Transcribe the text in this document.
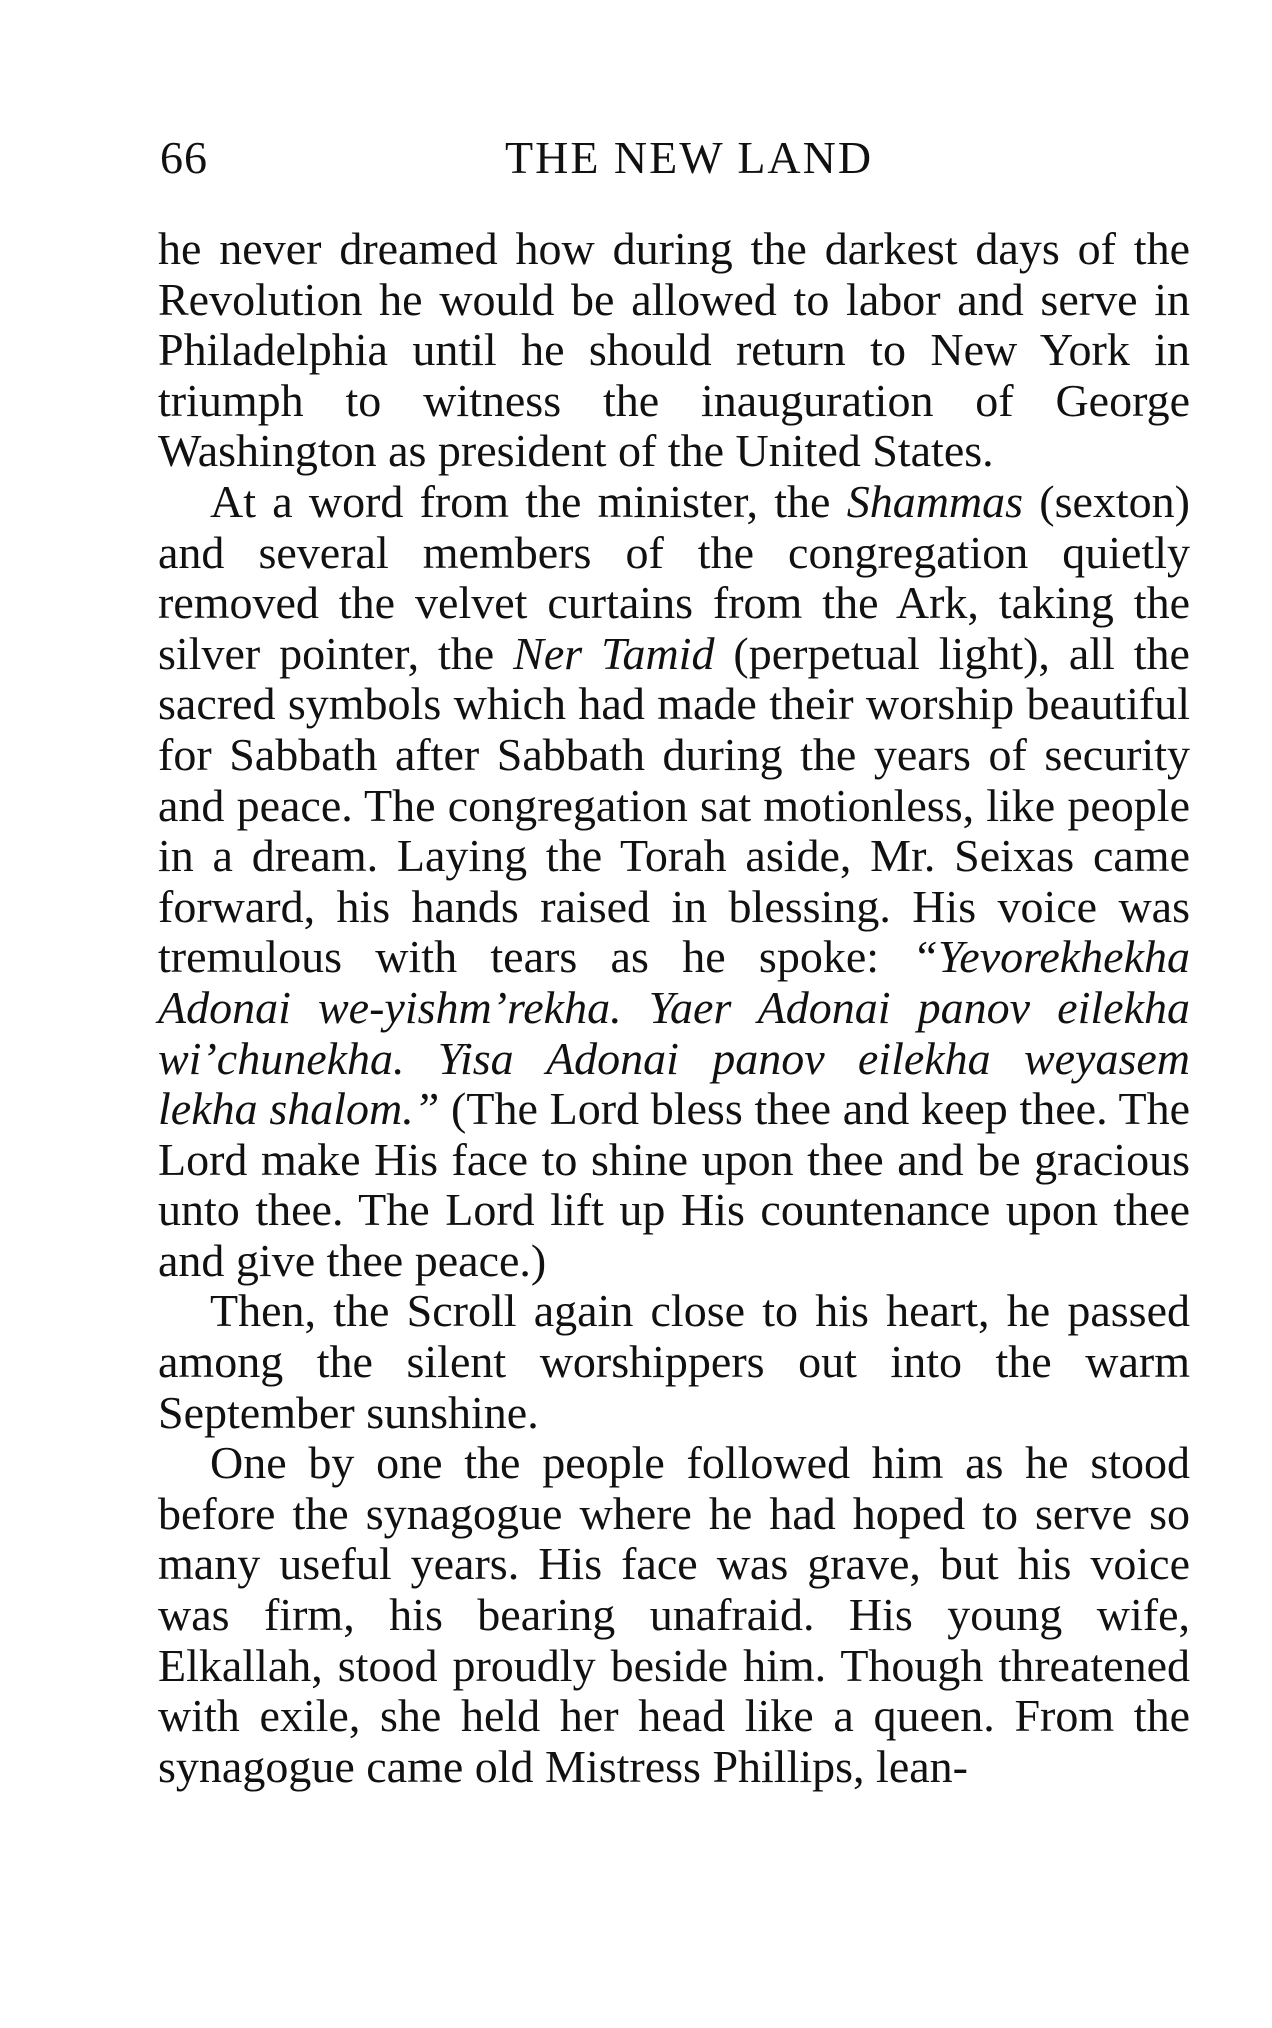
66	THE NEW LAND

he never dreamed how during the darkest days of the Revolution he would be allowed to labor and serve in Philadelphia until he should return to New York in triumph to witness the inauguration of George Washington as president of the United States.

At a word from the minister, the Shammas (sexton) and several members of the congregation quietly removed the velvet curtains from the Ark, taking the silver pointer, the Ner Tamid (perpetual light), all the sacred symbols which had made their worship beautiful for Sabbath after Sabbath during the years of security and peace. The congregation sat motionless, like people in a dream. Laying the Torah aside, Mr. Seixas came forward, his hands raised in blessing. His voice was tremulous with tears as he spoke: “Yevorekhekha Adonai we-yishm’rekha. Yaer Adonai panov eilekha wi’chunekha. Yisa Adonai panov eilekha weyasem lekha shalom.” (The Lord bless thee and keep thee. The Lord make His face to shine upon thee and be gracious unto thee. The Lord lift up His countenance upon thee and give thee peace.)

Then, the Scroll again close to his heart, he passed among the silent worshippers out into the warm September sunshine.

One by one the people followed him as he stood before the synagogue where he had hoped to serve so many useful years. His face was grave, but his voice was firm, his bearing unafraid. His young wife, Elkallah, stood proudly beside him. Though threatened with exile, she held her head like a queen. From the synagogue came old Mistress Phillips, lean-
